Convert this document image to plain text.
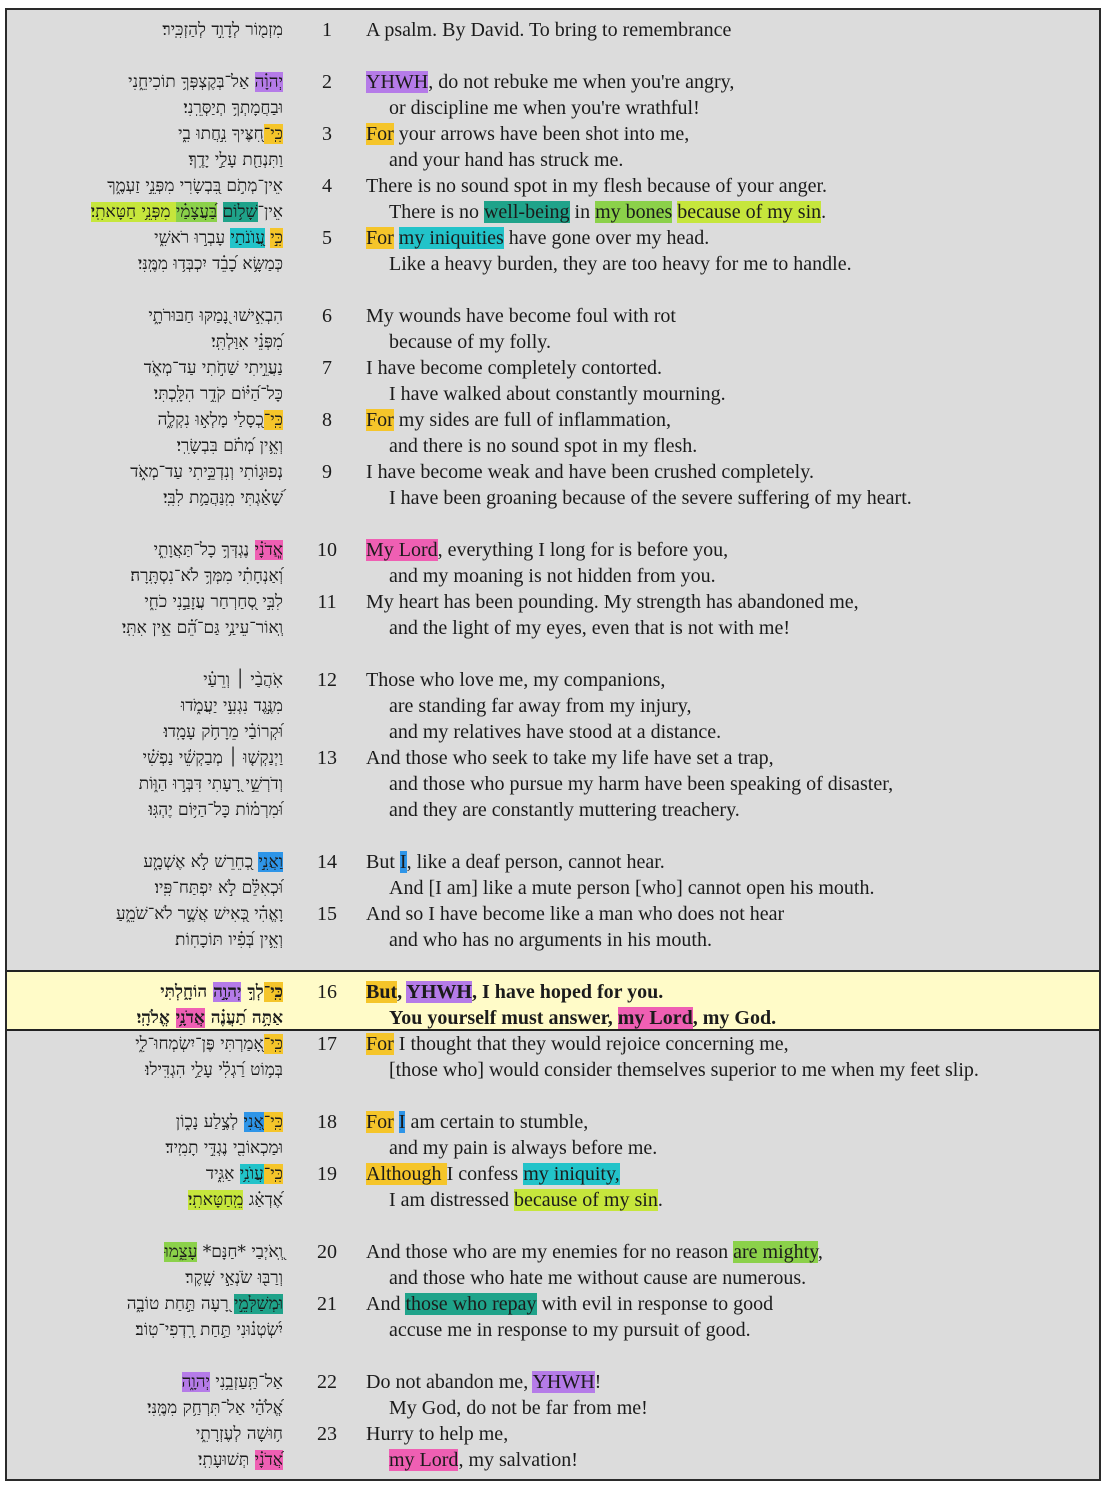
מִזְמ֖וֹר לְדָוִ֣ד לְהַזְכִּֽיר׃	1	A psalm. By David. To bring to remembrance
יְהוָ֗ה אַל־בְּקֶצְפְּךָ֥ תוֹכִיחֵ֑נִי	2	YHWH, do not rebuke me when you're angry,
וּבַחֲמָתְךָ֥ תְיַסְּרֵֽנִי׃	or discipline me when you're wrathful!
כִּֽי־חִ֭צֶּיךָ נִ֣חֲתוּ בִ֑י	3	For your arrows have been shot into me,
וַתִּנְחַ֖ת עָלַ֣י יָדֶֽךָ׃	and your hand has struck me.
אֵין־מְתֹ֣ם בִּ֭בְשָׂרִי מִפְּנֵ֣י זַעְמֶ֑ךָ	4	There is no sound spot in my flesh because of your anger.
אֵין־שָׁל֥וֹם בַּ֝עֲצָמַ֗י מִפְּנֵ֥י חַטָּאתִֽי׃	There is no well-being in my bones because of my sin.
כִּ֣י עֲ֭וֺנֹתַי עָבְר֣וּ רֹאשִׁ֑י	5	For my iniquities have gone over my head.
כְּמַשָּׂ֥א כָ֝בֵ֗ד יִכְבְּד֥וּ מִמֶּֽנִּי׃	Like a heavy burden, they are too heavy for me to handle.
הִבְאִ֣ישׁוּ נָ֭מַקּוּ חַבּוּרֹתָ֑י	6	My wounds have become foul with rot
מִ֝פְּנֵ֗י אִוַּלְתִּֽי׃	because of my folly.
נַעֲוֵ֣יתִי שַׁחֹ֣תִי עַד־מְאֹ֑ד	7	I have become completely contorted.
כָּל־הַ֝יּ֗וֹם קֹדֵ֥ר הִלָּֽכְתִּי׃	I have walked about constantly mourning.
כִּֽי־כְ֭סָלַי מָלְא֣וּ נִקְלֶ֑ה	8	For my sides are full of inflammation,
וְאֵ֥ין מְ֝תֹ֗ם בִּבְשָׂרִֽי׃	and there is no sound spot in my flesh.
נְפוּג֣וֹתִי וְנִדְכֵּ֣יתִי עַד־מְאֹ֑ד	9	I have become weak and have been crushed completely.
שָׁ֝אַ֗גְתִּי מִֽנַּהֲמַ֥ת לִבִּֽי׃	I have been groaning because of the severe suffering of my heart.
אֲֽדֹנָ֗י נֶגְדְּךָ֥ כָל־תַּאֲוָתִ֑י	10	My Lord, everything I long for is before you,
וְ֝אַנְחָתִ֗י מִמְּךָ֥ לֹא־נִסְתָּֽרָה׃	and my moaning is not hidden from you.
לִבִּ֣י סְ֭חַרְחַר עֲזָבַ֣נִי כֹחִ֑י	11	My heart has been pounding. My strength has abandoned me,
וְֽאוֹר־עֵינַ֥י גַּם־הֵ֝֗ם אֵ֣ין אִתִּֽי׃	and the light of my eyes, even that is not with me!
אֹֽהֲבַ֨י ׀ וְרֵעַ֗י	12	Those who love me, my companions,
מִנֶּ֣גֶד נִגְעִ֣י יַעֲמֹ֑דוּ	are standing far away from my injury,
וּ֝קְרוֹבַ֗י מֵרָחֹ֥ק עָמָֽדוּ׃	and my relatives have stood at a distance.
וַיְנַקְשׁ֤וּ ׀ מְבַקְשֵׁ֬י נַפְשִׁ֗י	13	And those who seek to take my life have set a trap,
וְדֹרְשֵׁ֣י רָ֭עָתִי דִּבְּר֣וּ הַוּ֑וֹת	and those who pursue my harm have been speaking of disaster,
וּ֝מִרְמ֗וֹת כָּל־הַיּ֥וֹם יֶהְגּֽוּ׃	and they are constantly muttering treachery.
וַאֲנִ֣י כְ֭חֵרֵשׁ לֹ֣א אֶשְׁמָ֑ע	14	But I, like a deaf person, cannot hear.
וּ֝כְאִלֵּ֗ם לֹ֣א יִפְתַּח־פִּֽיו׃	And [I am] like a mute person [who] cannot open his mouth.
וָאֱהִ֗י כְּ֭אִישׁ אֲשֶׁ֣ר לֹא־שֹׁמֵ֑עַ	15	And so I have become like a man who does not hear
וְאֵ֥ין בְּ֝פִ֗יו תּוֹכָחֽוֹת׃	and who has no arguments in his mouth.
כִּֽי־לְךָ֣ יְהוָ֣ה הוֹחָ֑לְתִּי	16	But, YHWH, I have hoped for you.
אַתָּ֥ה תַ֝עֲנֶ֗ה אֲדֹנָ֥י אֱלֹהָֽי׃	You yourself must answer, my Lord, my God.
כִּֽי־אָ֭מַרְתִּי פֶּן־יִשְׂמְחוּ־לִ֑י	17	For I thought that they would rejoice concerning me,
בְּמ֥וֹט רַ֝גְלִ֗י עָלַ֥י הִגְדִּֽילוּ׃	[those who] would consider themselves superior to me when my feet slip.
כִּֽי־אֲ֭נִי לְצֶ֣לַע נָכ֑וֹן	18	For I am certain to stumble,
וּמַכְאוֹבִ֖י נֶגְדִּ֣י תָמִֽיד׃	and my pain is always before me.
כִּֽי־עֲוֺנִ֥י אַגִּ֑יד	19	Although I confess my iniquity,
אֶ֝דְאַ֗ג מֵֽחַטָּאתִֽי׃	I am distressed because of my sin.
וְֽ֭אֹיְבַי *חַנָּם* עָצֵ֑מוּ	20	And those who are my enemies for no reason are mighty,
וְרַבּ֖וּ שֹׂנְאַ֣י שָֽׁקֶר׃	and those who hate me without cause are numerous.
וּמְשַׁלְּמֵ֣י רָ֭עָה תַּ֣חַת טוֹבָ֑ה	21	And those who repay with evil in response to good
יִ֝שְׂטְנ֗וּנִי תַּ֣חַת רָֽדְפִי־טֽוֹב׃	accuse me in response to my pursuit of good.
אַל־תַּֽעַזְבֵ֥נִי יְהוָ֑ה	22	Do not abandon me, YHWH!
אֱ֝לֹהַ֗י אַל־תִּרְחַ֥ק מִמֶּֽנִּי׃	My God, do not be far from me!
ח֥וּשָׁה לְעֶזְרָתִ֑י	23	Hurry to help me,
אֲ֝דֹנָ֗י תְּשׁוּעָתִֽי׃	my Lord, my salvation!
